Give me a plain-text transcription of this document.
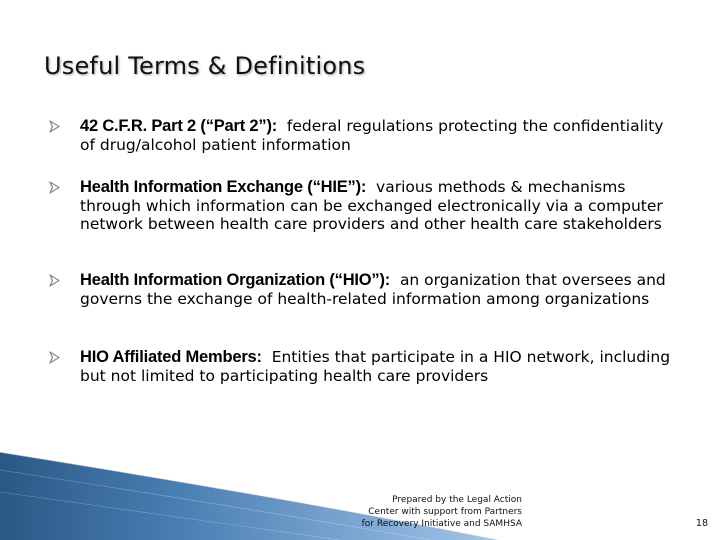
Useful Terms & Definitions
42 C.F.R. Part 2 (“Part 2”): federal regulations protecting the confidentiality of drug/alcohol patient information
Health Information Exchange (“HIE”): various methods & mechanisms through which information can be exchanged electronically via a computer network between health care providers and other health care stakeholders
Health Information Organization (“HIO”): an organization that oversees and governs the exchange of health-related information among organizations
HIO Affiliated Members: Entities that participate in a HIO network, including but not limited to participating health care providers
Prepared by the Legal Action
Center with support from Partners
for Recovery Initiative and SAMHSA	18
